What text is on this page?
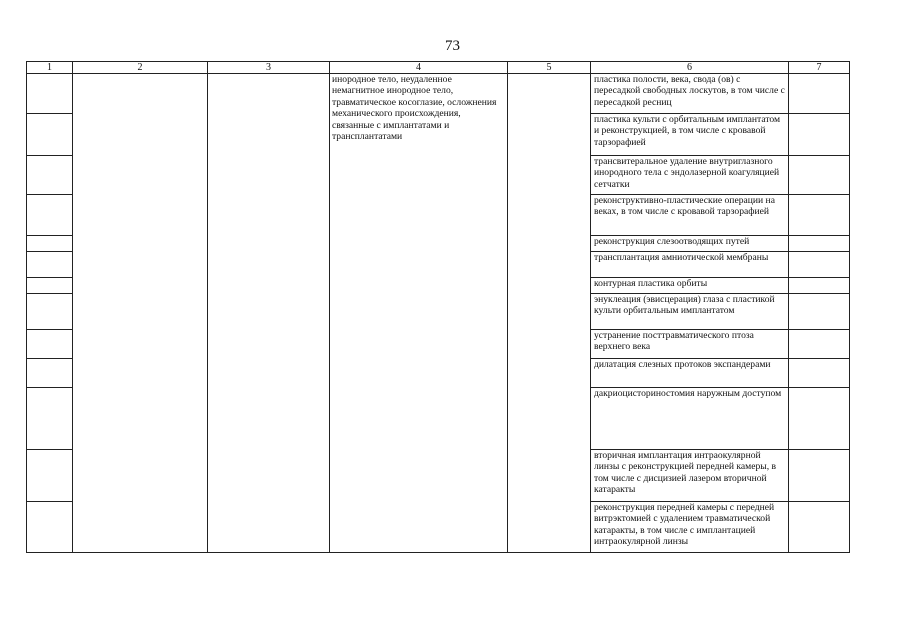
73
1	2	3	4	5	6	7
			инородное тело, неудаленное немагнитное инородное тело, травматическое косоглазие, осложнения механического происхождения, связанные с имплантатами и трансплантатами		пластика полости, века, свода (ов) с пересадкой свободных лоскутов, в том числе с пересадкой ресниц	
					пластика культи с орбитальным имплантатом и реконструкцией, в том числе с кровавой тарзорафией	
					трансвитеральное удаление внутриглазного инородного тела с эндолазерной коагуляцией сетчатки	
					реконструктивно-пластические операции на веках, в том числе с кровавой тарзорафией	
					реконструкция слезоотводящих путей	
					трансплантация амниотической мембраны	
					контурная пластика орбиты	
					энуклеация (эвисцерация) глаза с пластикой культи орбитальным имплантатом	
					устранение посттравматического птоза верхнего века	
					дилатация слезных протоков экспандерами	
					дакриоцисториностомия наружным доступом	
					вторичная имплантация интраокулярной линзы с реконструкцией передней камеры, в том числе с дисцизией лазером вторичной катаракты	
					реконструкция передней камеры с передней витрэктомией с удалением травматической катаракты, в том числе с имплантацией интраокулярной линзы	
